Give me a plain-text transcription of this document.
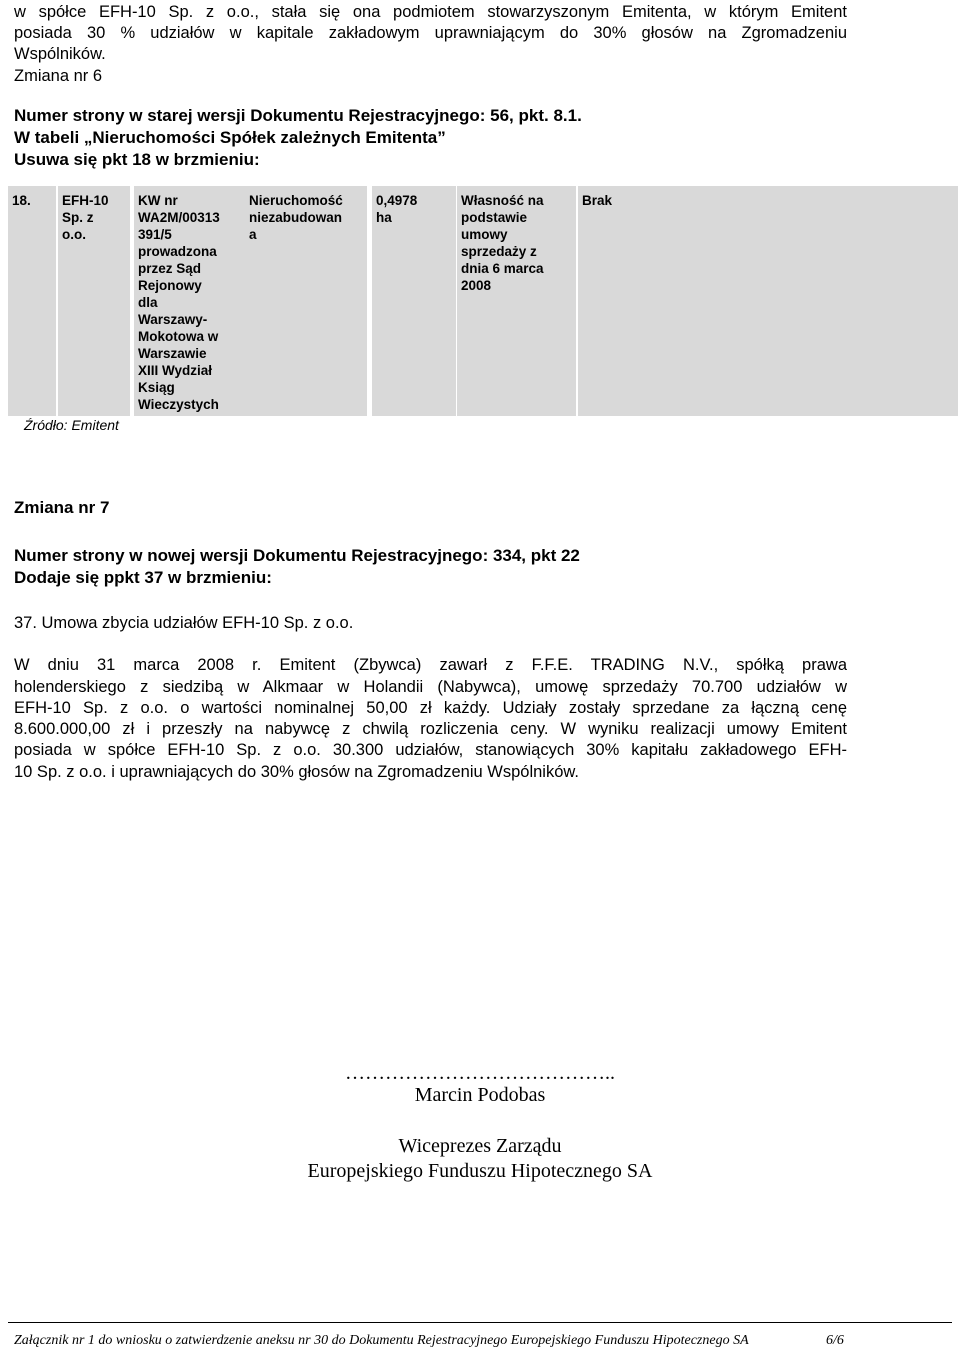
w spółce EFH-10 Sp. z o.o., stała się ona podmiotem stowarzyszonym Emitenta, w którym Emitent
posiada 30 % udziałów w kapitale zakładowym uprawniającym do 30% głosów na Zgromadzeniu
Wspólników.
Zmiana nr 6
Numer strony w starej wersji Dokumentu Rejestracyjnego: 56, pkt. 8.1.
W tabeli „Nieruchomości Spółek zależnych Emitenta”
Usuwa się pkt 18 w brzmieniu:
18.	EFH-10
Sp. z
o.o.
KW nr
WA2M/00313
391/5
prowadzona
przez Sąd
Rejonowy
dla
Warszawy-
Mokotowa w
Warszawie
XIII Wydział
Ksiąg
Wieczystych
Nieruchomość
niezabudowan
a
0,4978
ha
Własność na
podstawie
umowy
sprzedaży z
dnia 6 marca
2008
Brak
Źródło: Emitent
Zmiana nr 7
Numer strony w nowej wersji Dokumentu Rejestracyjnego: 334, pkt 22
Dodaje się ppkt 37 w brzmieniu:
37. Umowa zbycia udziałów EFH-10 Sp. z o.o.
W dniu 31 marca 2008 r. Emitent (Zbywca) zawarł z F.F.E. TRADING N.V., spółką prawa
holenderskiego z siedzibą w Alkmaar w Holandii (Nabywca), umowę sprzedaży 70.700 udziałów w
EFH-10 Sp. z o.o. o wartości nominalnej 50,00 zł każdy. Udziały zostały sprzedane za łączną cenę
8.600.000,00 zł i przeszły na nabywcę z chwilą rozliczenia ceny. W wyniku realizacji umowy Emitent
posiada w spółce EFH-10 Sp. z o.o. 30.300 udziałów, stanowiących 30% kapitału zakładowego EFH-
10 Sp. z o.o. i uprawniających do 30% głosów na Zgromadzeniu Wspólników.
…………………………………..
Marcin Podobas
Wiceprezes Zarządu
Europejskiego Funduszu Hipotecznego SA
Załącznik nr 1 do wniosku o zatwierdzenie aneksu nr 30 do Dokumentu Rejestracyjnego Europejskiego Funduszu Hipotecznego SA	6/6
